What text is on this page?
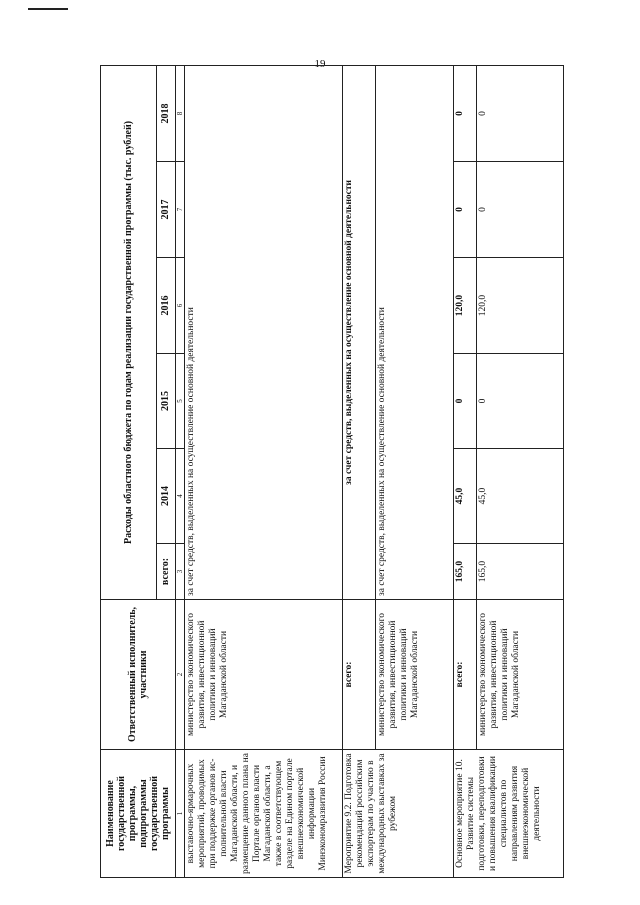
19
Наименование государственной программы, подпрограммы государственной программы	Ответственный исполнитель, участники	Расходы областного бюджета по годам реализации государственной программы (тыс. рублей)					
		всего:	2014	2015	2016	2017	2018
1	2	3	4	5	6	7	8
выставочно-ярмарочных мероприятий, проводимых при поддержке органов ис-полнительной власти Магаданской области, и размещение данного плана на Портале органов власти Магаданской области, а также в соответствующем разделе на Едином портале внешнеэкономической информации Минэкономразвития России	министерство экономического развития, инвестиционной политики и инноваций Магаданской области	за счет средств, выделенных на осуществление основной деятельности					
Мероприятие 9.2. Подготовка рекомендаций российским экспортерам по участию в международных выставках за рубежом	всего:	за счет средств, выделенных на осуществление основной деятельности					
	министерство экономического развития, инвестиционной политики и инноваций Магаданской области	за счет средств, выделенных на осуществление основной деятельности					
Основное мероприятие 10. Развитие системы подготовки, переподготовки и повышения квалификации специалистов по направлениям развития внешнеэкономической деятельности	всего:	165,0	45,0	0	120,0	0	0
	министерство экономического развития, инвестиционной политики и инноваций Магаданской области	165,0	45,0	0	120,0	0	0
